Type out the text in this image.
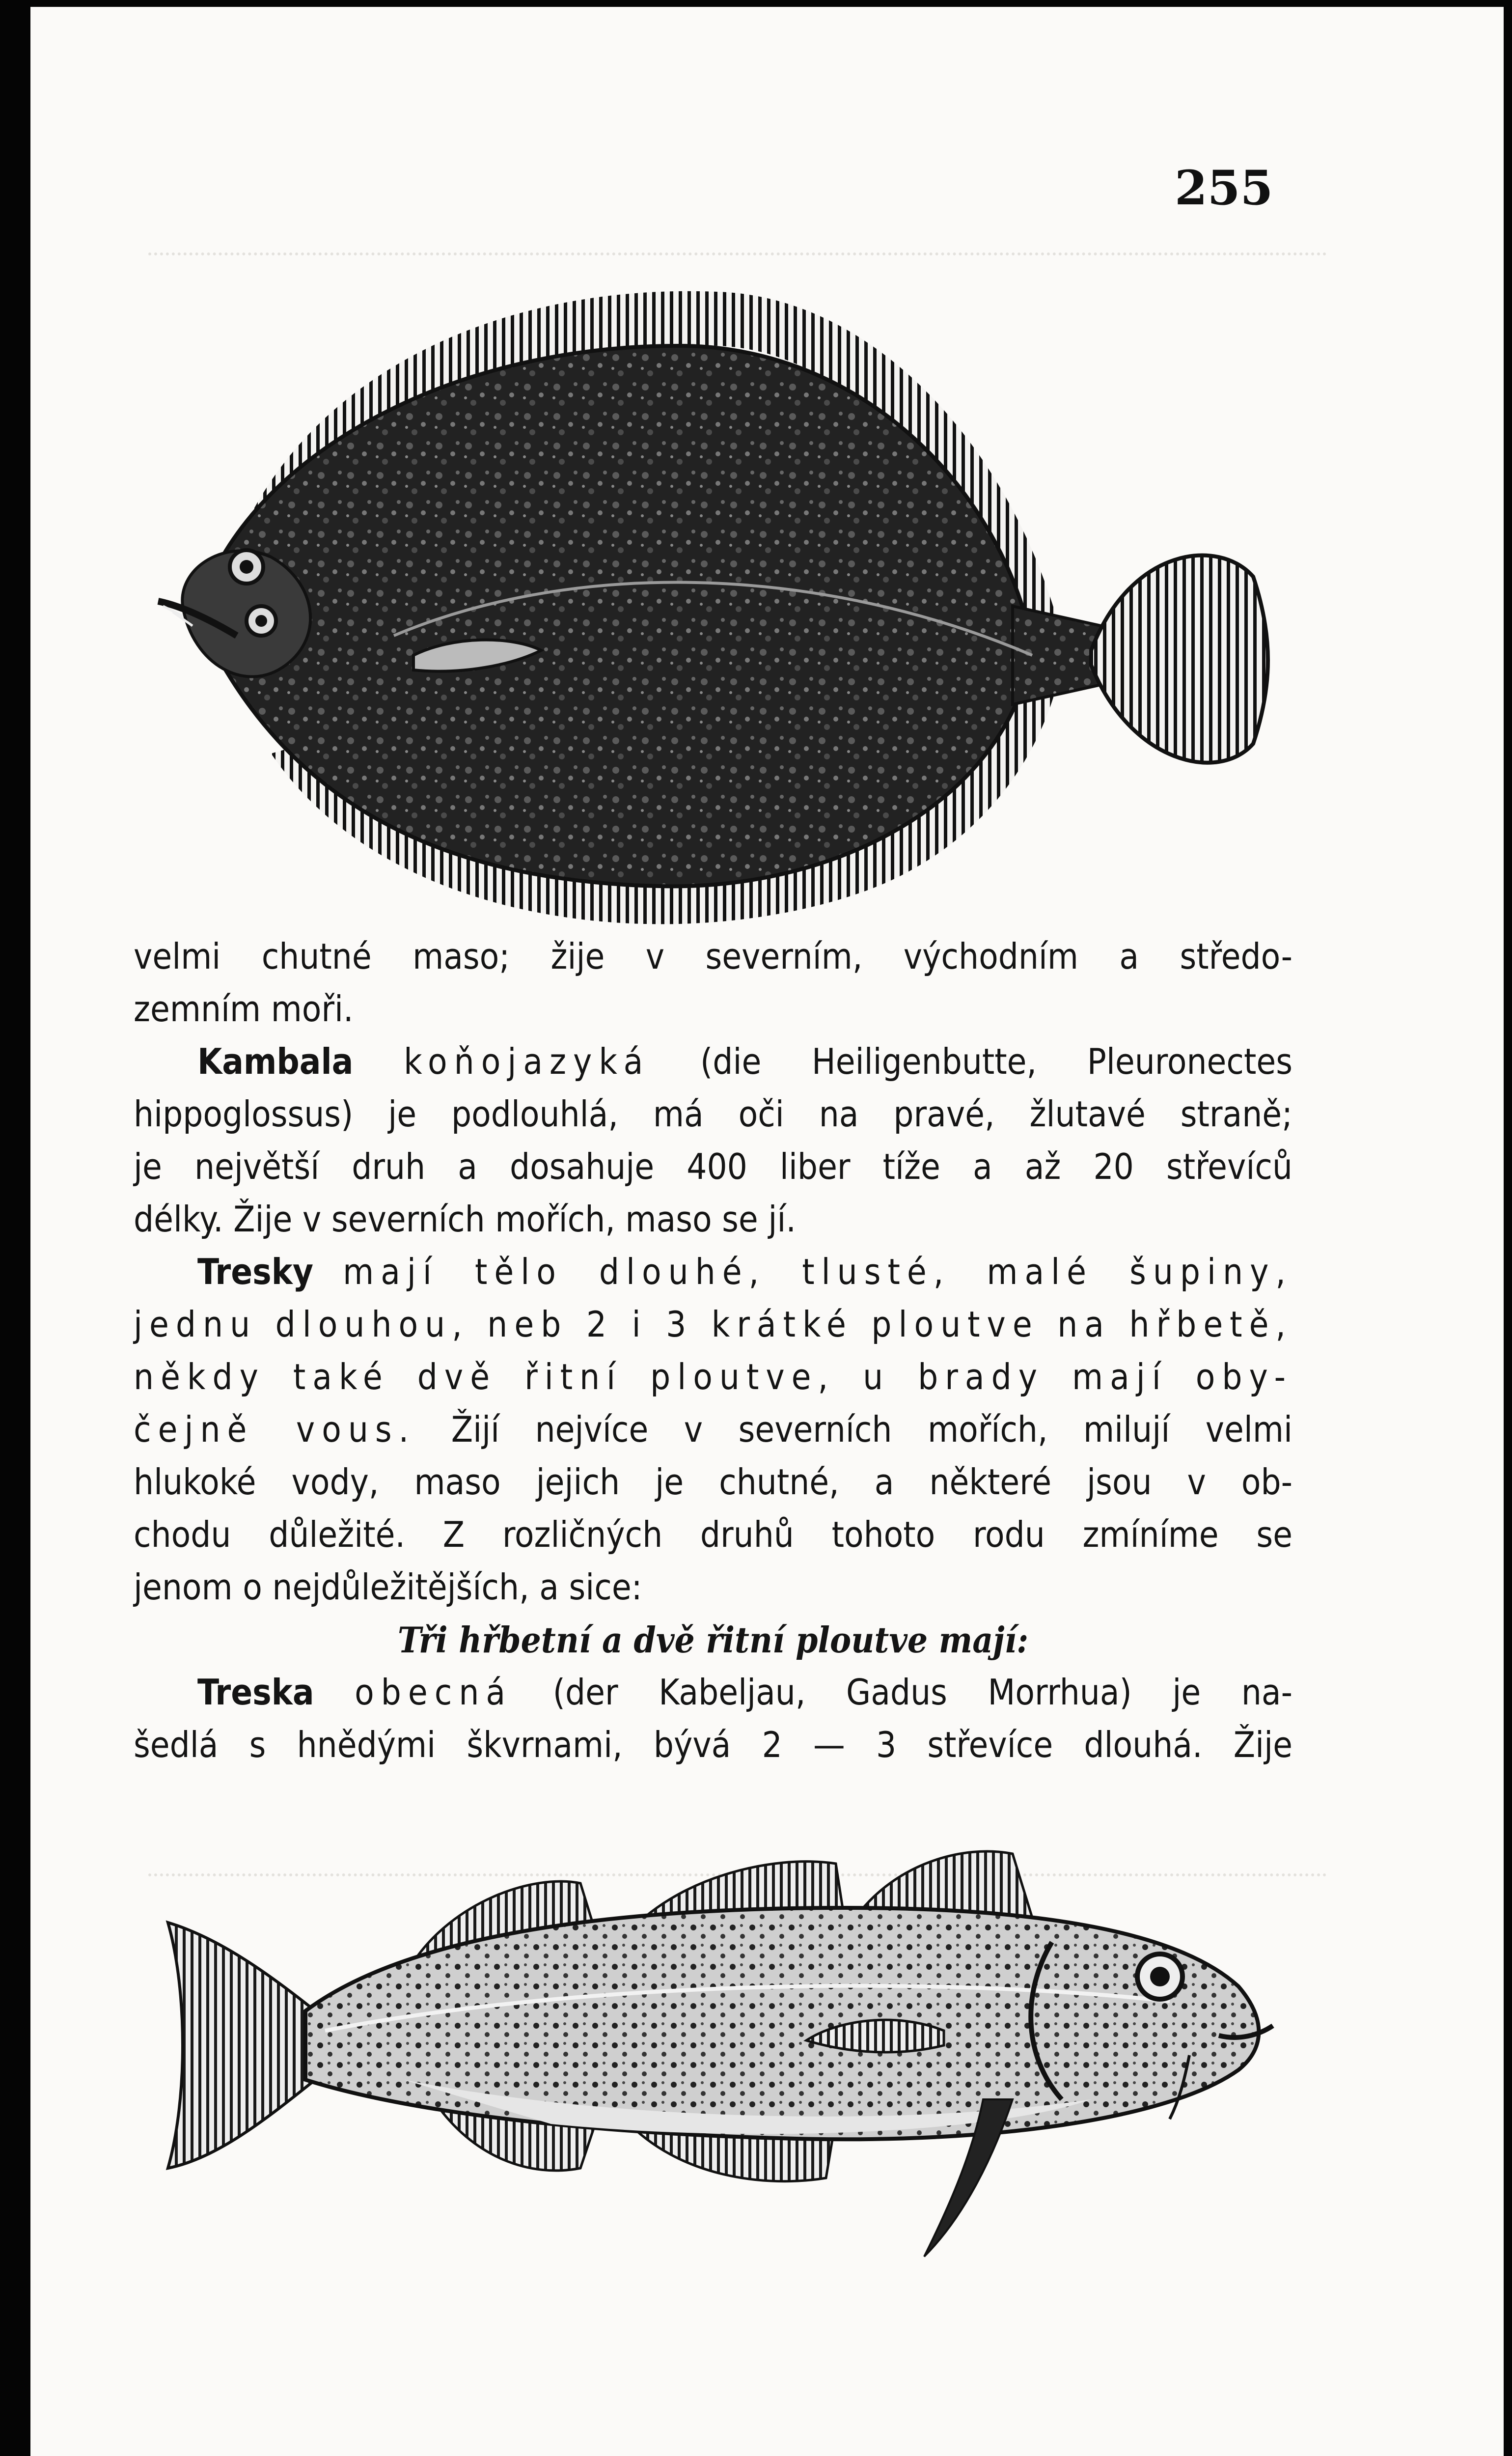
255
velmi chutné maso; žije v severním, východním a středo-
zemním moři.
Kambala koňojazyká (die Heiligenbutte, Pleuronectes
hippoglossus) je podlouhlá, má oči na pravé, žlutavé straně;
je největší druh a dosahuje 400 liber tíže a až 20 střevíců
délky. Žije v severních mořích, maso se jí.
Tresky mají tělo dlouhé, tlusté, malé šupiny,
jednu dlouhou, neb 2 i 3 krátké ploutve na hřbetě,
někdy také dvě řitní ploutve, u brady mají oby-
čejně vous. Žijí nejvíce v severních mořích, milují velmi
hlukoké vody, maso jejich je chutné, a některé jsou v ob-
chodu důležité. Z rozličných druhů tohoto rodu zmíníme se
jenom o nejdůležitějších, a sice:
Tři hřbetní a dvě řitní ploutve mají:
Treska obecná (der Kabeljau, Gadus Morrhua) je na-
šedlá s hnědými škvrnami, bývá 2 — 3 střevíce dlouhá. Žije
